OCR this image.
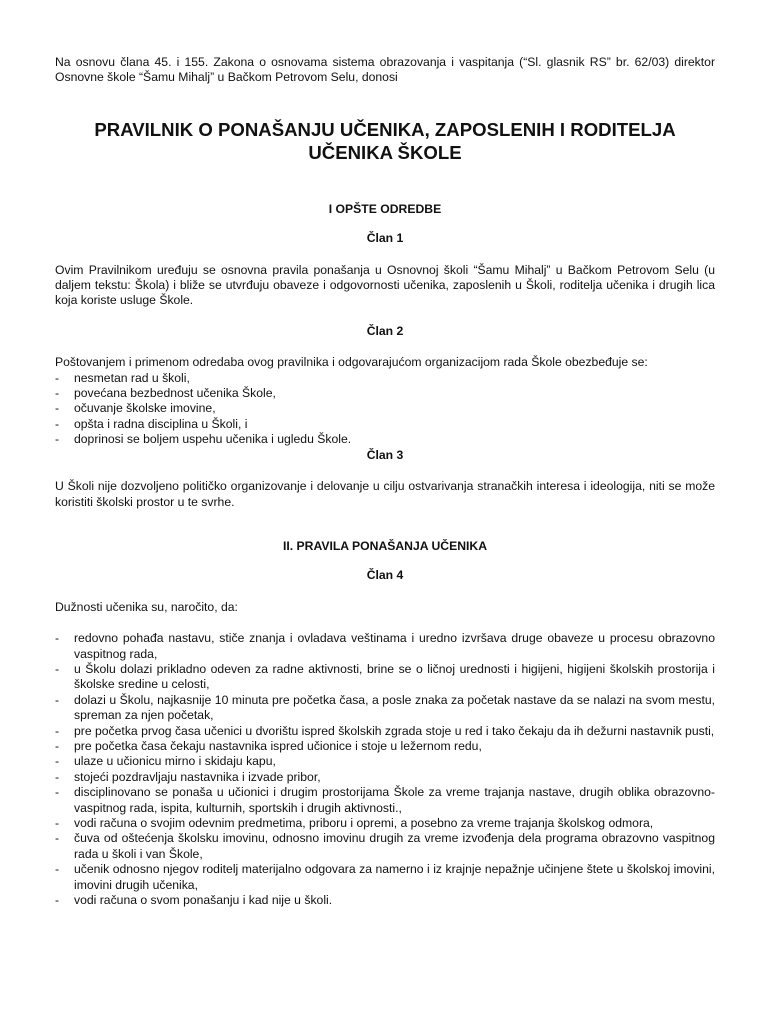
Na osnovu člana 45. i 155. Zakona o osnovama sistema obrazovanja i vaspitanja (“Sl. glasnik RS” br. 62/03) direktor Osnovne škole “Šamu Mihalj” u Bačkom Petrovom Selu, donosi

PRAVILNIK O PONAŠANJU UČENIKA, ZAPOSLENIH I RODITELJA UČENIKA ŠKOLE
I OPŠTE ODREDBE
Član 1

Ovim Pravilnikom uređuju se osnovna pravila ponašanja u Osnovnoj školi “Šamu Mihalj” u Bačkom Petrovom Selu (u daljem tekstu: Škola) i bliže se utvrđuju obaveze i odgovornosti učenika, zaposlenih u Školi, roditelja učenika i drugih lica koja koriste usluge Škole.

Član 2

Poštovanjem i primenom odredaba ovog pravilnika i odgovarajućom organizacijom rada Škole obezbeđuje se:

- nesmetan rad u školi,
- povećana bezbednost učenika Škole,
- očuvanje školske imovine,
- opšta i radna disciplina u Školi, i
- doprinosi se boljem uspehu učenika i ugledu Škole.
Član 3

U Školi nije dozvoljeno političko organizovanje i delovanje u cilju ostvarivanja stranačkih interesa i ideologija, niti se može koristiti školski prostor u te svrhe.

II. PRAVILA PONAŠANJA UČENIKA
Član 4

Dužnosti učenika su, naročito, da:

- redovno pohađa nastavu, stiče znanja i ovladava veštinama i uredno izvršava druge obaveze u procesu obrazovno vaspitnog rada,
- u Školu dolazi prikladno odeven za radne aktivnosti, brine se o ličnoj urednosti i higijeni, higijeni školskih prostorija i školske sredine u celosti,
- dolazi u Školu, najkasnije 10 minuta pre početka časa, a posle znaka za početak nastave da se nalazi na svom mestu, spreman za njen početak,
- pre početka prvog časa učenici u dvorištu ispred školskih zgrada stoje u red i tako čekaju da ih dežurni nastavnik pusti,
- pre početka časa čekaju nastavnika ispred učionice i stoje u ležernom redu,
- ulaze u učionicu mirno i skidaju kapu,
- stojeći pozdravljaju nastavnika i izvade pribor,
- disciplinovano se ponaša u učionici i drugim prostorijama Škole za vreme trajanja nastave, drugih oblika obrazovno-vaspitnog rada, ispita, kulturnih, sportskih i drugih aktivnosti.,
- vodi računa o svojim odevnim predmetima, priboru i opremi, a posebno za vreme trajanja školskog odmora,
- čuva od oštećenja školsku imovinu, odnosno imovinu drugih za vreme izvođenja dela programa obrazovno vaspitnog rada u školi i van Škole,
- učenik odnosno njegov roditelj materijalno odgovara za namerno i iz krajnje nepažnje učinjene štete u školskoj imovini, imovini drugih učenika,
- vodi računa o svom ponašanju i kad nije u školi.
